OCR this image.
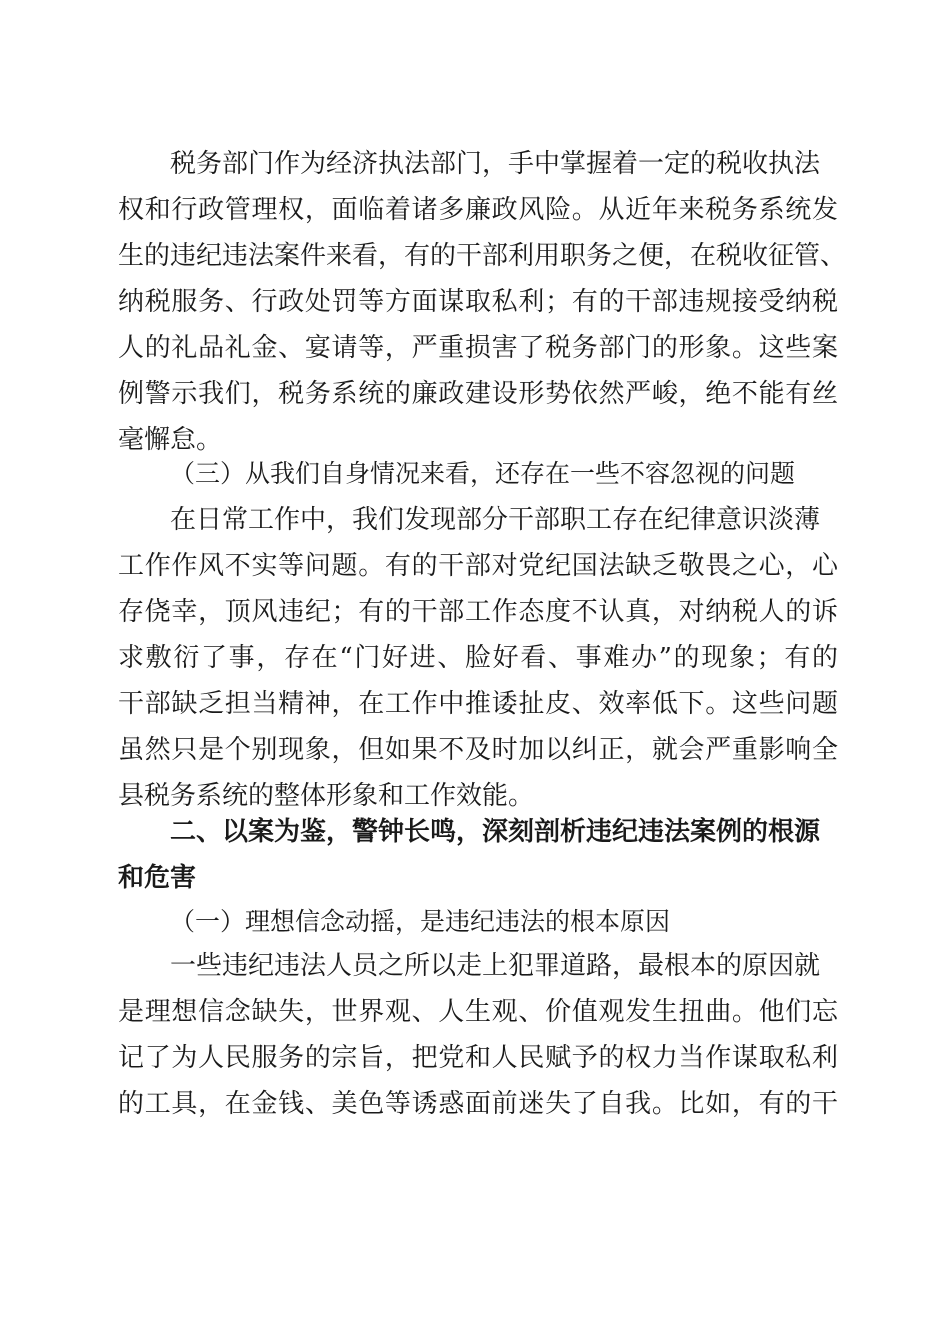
税务部门作为经济执法部门，手中掌握着一定的税收执法
权和行政管理权，面临着诸多廉政风险。从近年来税务系统发
生的违纪违法案件来看，有的干部利用职务之便，在税收征管、
纳税服务、行政处罚等方面谋取私利；有的干部违规接受纳税
人的礼品礼金、宴请等，严重损害了税务部门的形象。这些案
例警示我们，税务系统的廉政建设形势依然严峻，绝不能有丝
毫懈怠。
（三）从我们自身情况来看，还存在一些不容忽视的问题
在日常工作中，我们发现部分干部职工存在纪律意识淡薄
工作作风不实等问题。有的干部对党纪国法缺乏敬畏之心，心
存侥幸，顶风违纪；有的干部工作态度不认真，对纳税人的诉
求敷衍了事，存在“门好进、脸好看、事难办”的现象；有的
干部缺乏担当精神，在工作中推诿扯皮、效率低下。这些问题
虽然只是个别现象，但如果不及时加以纠正，就会严重影响全
县税务系统的整体形象和工作效能。
二、以案为鉴，警钟长鸣，深刻剖析违纪违法案例的根源
和危害
（一）理想信念动摇，是违纪违法的根本原因
一些违纪违法人员之所以走上犯罪道路，最根本的原因就
是理想信念缺失，世界观、人生观、价值观发生扭曲。他们忘
记了为人民服务的宗旨，把党和人民赋予的权力当作谋取私利
的工具，在金钱、美色等诱惑面前迷失了自我。比如，有的干
